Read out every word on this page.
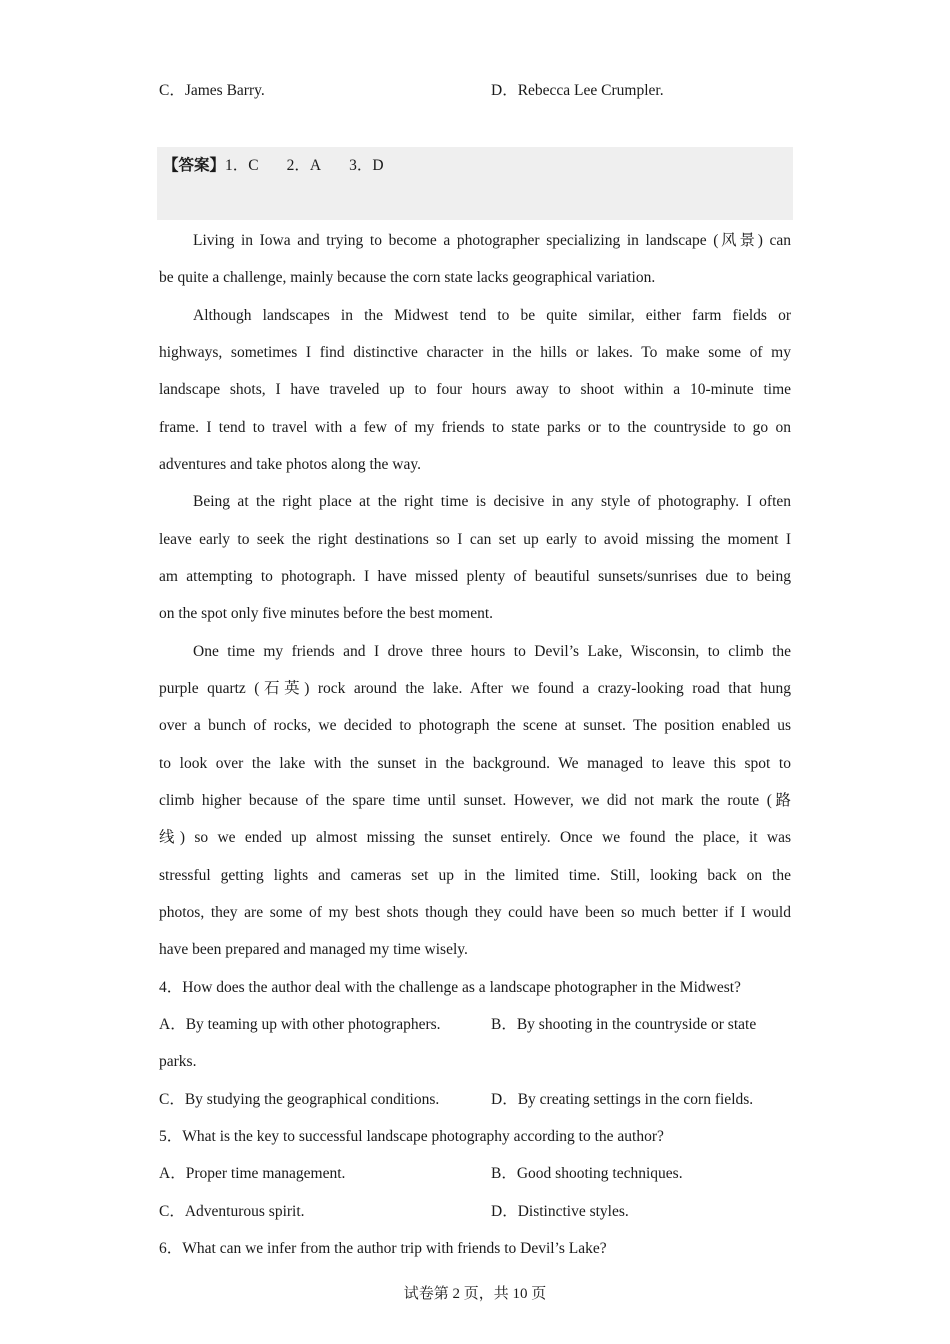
C．James Barry.	D．Rebecca Lee Crumpler.
【答案】1．C 2．A 3．D
Living in Iowa and trying to become a photographer specializing in landscape (风景) can
be quite a challenge, mainly because the corn state lacks geographical variation.
Although landscapes in the Midwest tend to be quite similar, either farm fields or
highways, sometimes I find distinctive character in the hills or lakes. To make some of my
landscape shots, I have traveled up to four hours away to shoot within a 10-minute time
frame. I tend to travel with a few of my friends to state parks or to the countryside to go on
adventures and take photos along the way.
Being at the right place at the right time is decisive in any style of photography. I often
leave early to seek the right destinations so I can set up early to avoid missing the moment I
am attempting to photograph. I have missed plenty of beautiful sunsets/sunrises due to being
on the spot only five minutes before the best moment.
One time my friends and I drove three hours to Devil’s Lake, Wisconsin, to climb the
purple quartz (石英) rock around the lake. After we found a crazy-looking road that hung
over a bunch of rocks, we decided to photograph the scene at sunset. The position enabled us
to look over the lake with the sunset in the background. We managed to leave this spot to
climb higher because of the spare time until sunset. However, we did not mark the route (路
线) so we ended up almost missing the sunset entirely. Once we found the place, it was
stressful getting lights and cameras set up in the limited time. Still, looking back on the
photos, they are some of my best shots though they could have been so much better if I would
have been prepared and managed my time wisely.
4．How does the author deal with the challenge as a landscape photographer in the Midwest?
A．By teaming up with other photographers.	B．By shooting in the countryside or state
parks.
C．By studying the geographical conditions.	D．By creating settings in the corn fields.
5．What is the key to successful landscape photography according to the author?
A．Proper time management.	B．Good shooting techniques.
C．Adventurous spirit.	D．Distinctive styles.
6．What can we infer from the author trip with friends to Devil’s Lake?
试卷第 2 页，共 10 页
